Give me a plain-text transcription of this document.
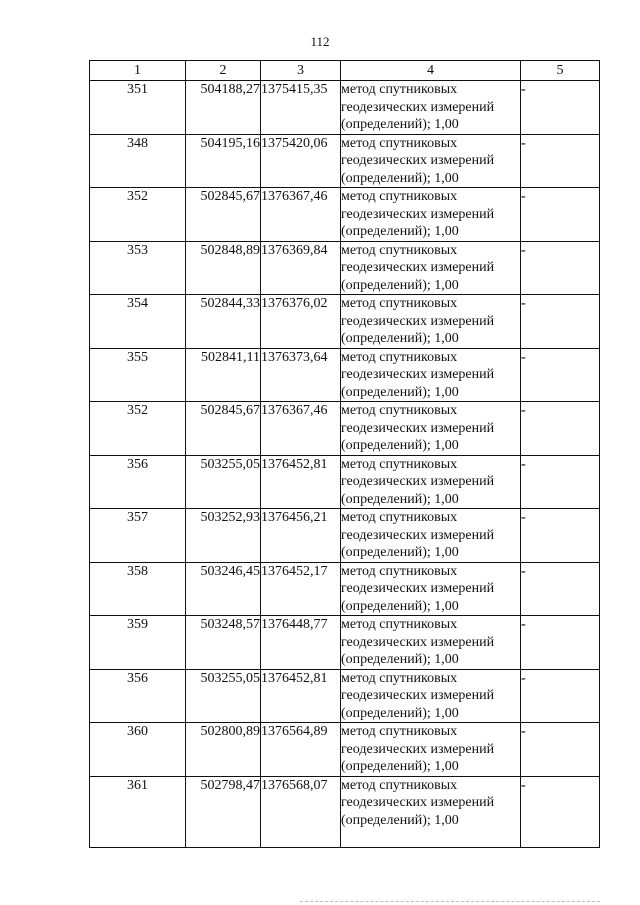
112
1	2	3	4	5
351	504188,27	1375415,35	метод спутниковых
геодезических измерений
(определений); 1,00	-
348	504195,16	1375420,06	метод спутниковых
геодезических измерений
(определений); 1,00	-
352	502845,67	1376367,46	метод спутниковых
геодезических измерений
(определений); 1,00	-
353	502848,89	1376369,84	метод спутниковых
геодезических измерений
(определений); 1,00	-
354	502844,33	1376376,02	метод спутниковых
геодезических измерений
(определений); 1,00	-
355	502841,11	1376373,64	метод спутниковых
геодезических измерений
(определений); 1,00	-
352	502845,67	1376367,46	метод спутниковых
геодезических измерений
(определений); 1,00	-
356	503255,05	1376452,81	метод спутниковых
геодезических измерений
(определений); 1,00	-
357	503252,93	1376456,21	метод спутниковых
геодезических измерений
(определений); 1,00	-
358	503246,45	1376452,17	метод спутниковых
геодезических измерений
(определений); 1,00	-
359	503248,57	1376448,77	метод спутниковых
геодезических измерений
(определений); 1,00	-
356	503255,05	1376452,81	метод спутниковых
геодезических измерений
(определений); 1,00	-
360	502800,89	1376564,89	метод спутниковых
геодезических измерений
(определений); 1,00	-
361	502798,47	1376568,07	метод спутниковых
геодезических измерений
(определений); 1,00	-
